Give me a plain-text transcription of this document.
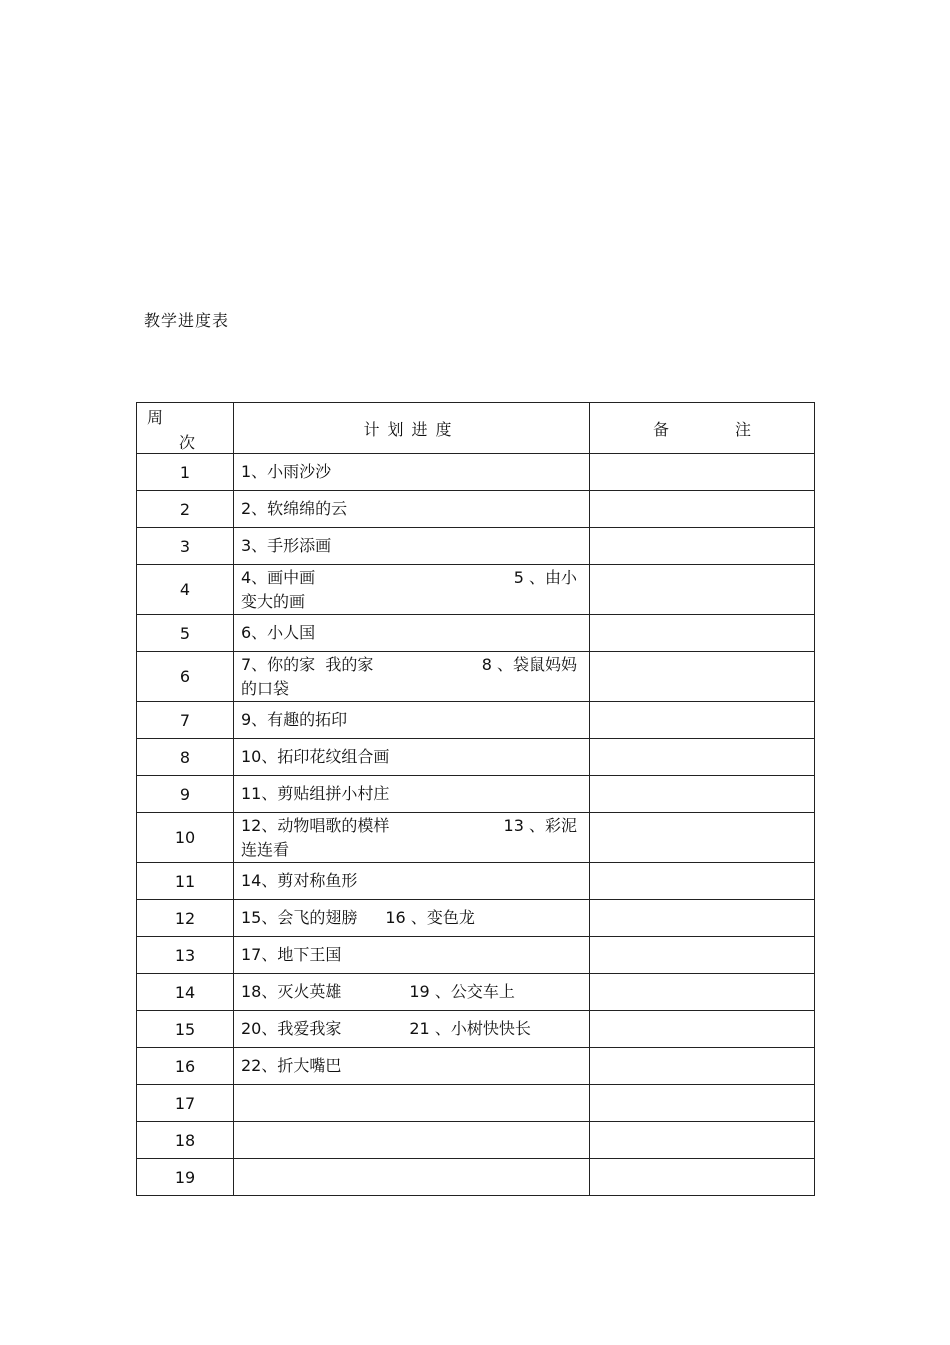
教学进度表
周
次	计划进度	备 注
1	1、小雨沙沙	
2	2、软绵绵的云	
3	3、手形添画	
4	4、画中画 5 、由小
变大的画	

5	6、小人国	
6	7、你的家  我的家 8 、袋鼠妈妈
的口袋	

7	9、有趣的拓印	
8	10、拓印花纹组合画	
9	11、剪贴组拼小村庄	
10	12、动物唱歌的模样 13 、彩泥
连连看	

11	14、剪对称鱼形	
12	15、会飞的翅膀 16 、变色龙	

13	17、地下王国	
14	18、灭火英雄 19 、公交车上	

15	20、我爱我家 21 、小树快快长	

16	22、折大嘴巴	
17		
18		
19		
